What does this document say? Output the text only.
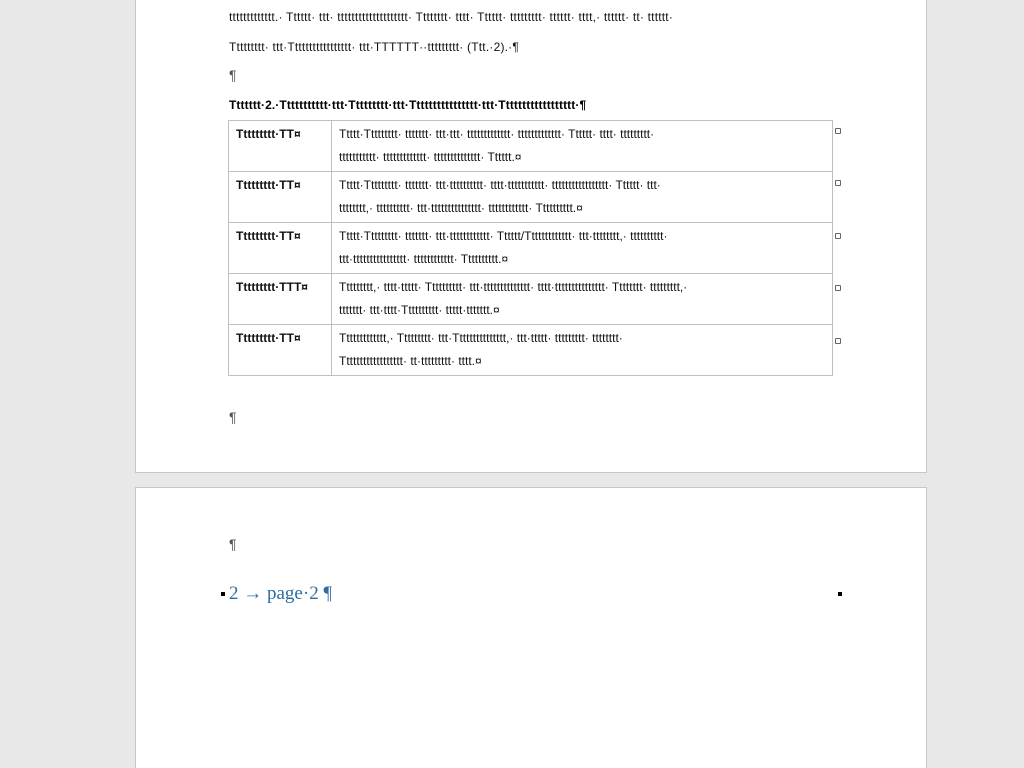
ttttttttttttt.· Tttttt· ttt· tttttttttttttttttttt· Tttttttt· tttt· Tttttt· ttttttttt· tttttt· tttt,· tttttt· tt· tttttt·
Ttttttttt· ttt·Ttttttttttttttttt· ttt·TTTTTT··ttttttttt· (Ttt.·2).·¶
¶
Ttttttt·2.·Ttttttttttt·ttt·Ttttttttt·ttt·Tttttttttttttttt·ttt·Tttttttttttttttttt·¶
Ttttttttt·TT¤	Ttttt·Ttttttttt· ttttttt· ttt·ttt· ttttttttttttt· ttttttttttttt· Tttttt· tttt· ttttttttt·
ttttttttttt· ttttttttttttt· tttttttttttttt· Tttttt.¤

Ttttttttt·TT¤	Ttttt·Ttttttttt· ttttttt· ttt·tttttttttt· tttt·ttttttttttt· ttttttttttttttttt· Tttttt· ttt·
tttttttt,· tttttttttt· ttt·ttttttttttttttt· tttttttttttt· Tttttttttt.¤

Ttttttttt·TT¤	Ttttt·Ttttttttt· ttttttt· ttt·tttttttttttt· Tttttt/Ttttttttttttt· ttt·tttttttt,· tttttttttt·
ttt·tttttttttttttttt· tttttttttttt· Tttttttttt.¤

Ttttttttt·TTT¤	Ttttttttt,· tttt·ttttt· Tttttttttt· ttt·tttttttttttttt· tttt·ttttttttttttttt· Tttttttt· ttttttttt,·
ttttttt· ttt·tttt·Tttttttttt· ttttt·ttttttt.¤

Ttttttttt·TT¤	Ttttttttttttt,· Ttttttttt· ttt·Ttttttttttttttt,· ttt·ttttt· ttttttttt· tttttttt·
Tttttttttttttttttt· tt·ttttttttt· tttt.¤
¶
¶
2 → page·2 ¶
